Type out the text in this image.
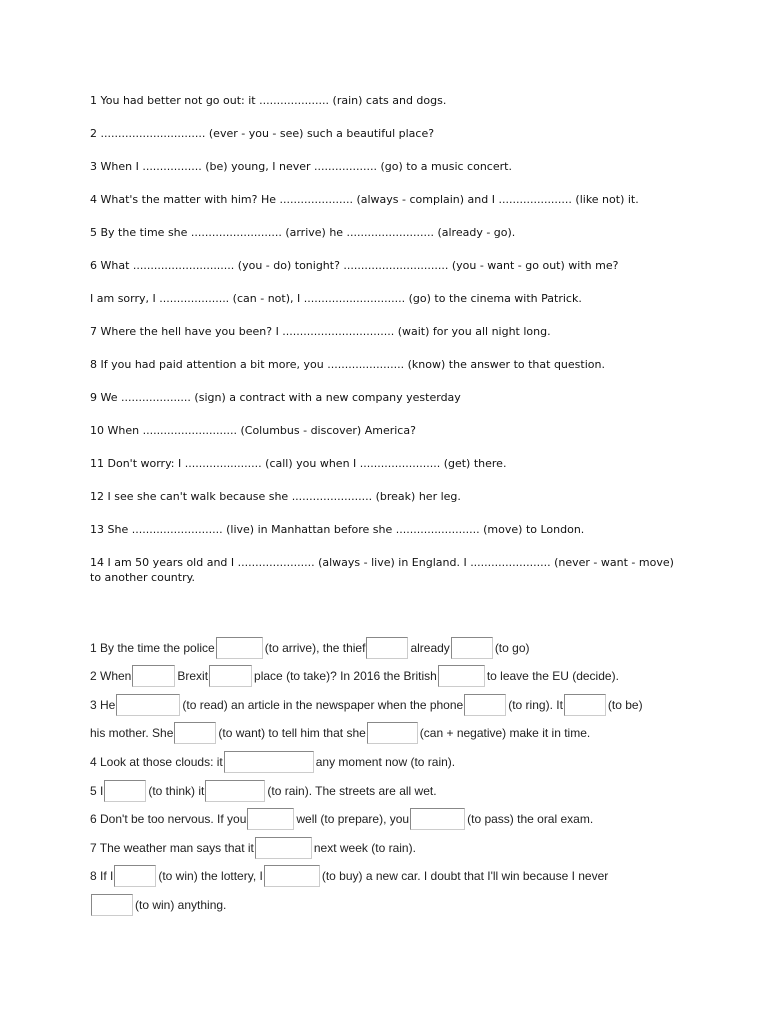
1 You had better not go out: it .................... (rain) cats and dogs.

2 .............................. (ever - you - see) such a beautiful place?

3 When I ................. (be) young, I never .................. (go) to a music concert.

4 What's the matter with him? He ..................... (always - complain) and I ..................... (like not) it.

5 By the time she .......................... (arrive) he ......................... (already - go).

6 What ............................. (you - do) tonight? .............................. (you - want - go out) with me?

I am sorry, I .................... (can - not), I ............................. (go) to the cinema with Patrick.

7 Where the hell have you been? I ................................ (wait) for you all night long.

8 If you had paid attention a bit more, you ...................... (know) the answer to that question.

9 We .................... (sign) a contract with a new company yesterday

10 When ........................... (Columbus - discover) America?

11 Don't worry: I ...................... (call) you when I ....................... (get) there.

12 I see she can't walk because she ....................... (break) her leg.

13 She .......................... (live) in Manhattan before she ........................ (move) to London.

14 I am 50 years old and I ...................... (always - live) in England. I ....................... (never - want - move) to another country.

1 By the time the police	(to arrive), the thief	already	(to go)
2 When	Brexit	place (to take)? In 2016 the British	to leave the EU (decide).
3 He	(to read) an article in the newspaper when the phone	(to ring). It	(to be)
his mother. She	(to want) to tell him that she	(can + negative) make it in time.
4 Look at those clouds: it	any moment now (to rain).
5 I	(to think) it	(to rain). The streets are all wet.
6 Don't be too nervous. If you	well (to prepare), you	(to pass) the oral exam.
7 The weather man says that it	next week (to rain).
8 If I	(to win) the lottery, I	(to buy) a new car. I doubt that I'll win because I never
(to win) anything.
